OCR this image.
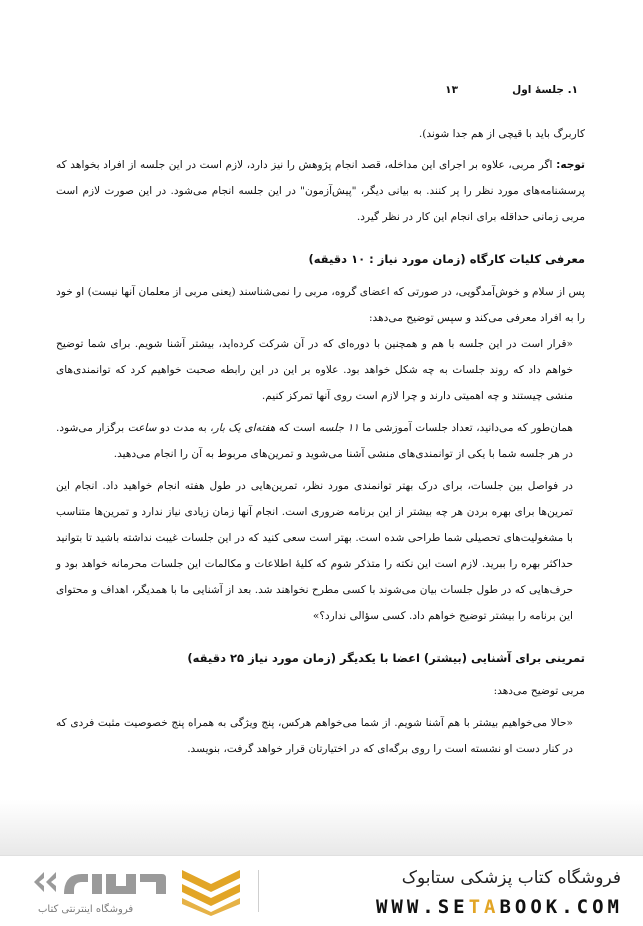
۱. جلسهٔ اول
۱۳

کاربرگ باید با قیچی از هم جدا شوند).

توجه: اگر مربی، علاوه بر اجرای این مداخله، قصد انجام پژوهش را نیز دارد، لازم است در این جلسه از افراد بخواهد که پرسشنامه‌های مورد نظر را پر کنند. به بیانی دیگر، "پیش‌آزمون" در این جلسه انجام می‌شود. در این صورت لازم است مربی زمانی حداقله برای انجام این کار در نظر گیرد.

معرفی کلیات کارگاه (زمان مورد نیاز : ۱۰ دقیقه)

پس از سلام و خوش‌آمدگویی، در صورتی که اعضای گروه، مربی را نمی‌شناسند (یعنی مربی از معلمان آنها نیست) او خود را به افراد معرفی می‌کند و سپس توضیح می‌دهد:

«قرار است در این جلسه با هم و همچنین با دوره‌ای که در آن شرکت کرده‌اید، بیشتر آشنا شویم. برای شما توضیح خواهم داد که روند جلسات به چه شکل خواهد بود. علاوه بر این در این رابطه صحبت خواهیم کرد که توانمندی‌های منشی چیستند و چه اهمیتی دارند و چرا لازم است روی آنها تمرکز کنیم.

همان‌طور که می‌دانید، تعداد جلسات آموزشی ما ۱۱ جلسه است که هفته‌ای یک بار، به مدت دو ساعت برگزار می‌شود. در هر جلسه شما با یکی از توانمندی‌های منشی آشنا می‌شوید و تمرین‌های مربوط به آن را انجام می‌دهید.

در فواصل بین جلسات، برای درک بهتر توانمندی مورد نظر، تمرین‌هایی در طول هفته انجام خواهید داد. انجام این تمرین‌ها برای بهره بردن هر چه بیشتر از این برنامه ضروری است. انجام آنها زمان زیادی نیاز ندارد و تمرین‌ها متناسب با مشغولیت‌های تحصیلی شما طراحی شده است. بهتر است سعی کنید که در این جلسات غیبت نداشته باشید تا بتوانید حداکثر بهره را ببرید. لازم است این نکته را متذکر شوم که کلیهٔ اطلاعات و مکالمات این جلسات محرمانه خواهد بود و حرف‌هایی که در طول جلسات بیان می‌شوند با کسی مطرح نخواهند شد. بعد از آشنایی ما با همدیگر، اهداف و محتوای این برنامه را بیشتر توضیح خواهم داد. کسی سؤالی ندارد؟»

تمرینی برای آشنایی (بیشتر) اعضا با یکدیگر (زمان مورد نیاز ۲۵ دقیقه)

مربی توضیح می‌دهد:

«حالا می‌خواهیم بیشتر با هم آشنا شویم. از شما می‌خواهم هرکس، پنج ویژگی به همراه پنج خصوصیت مثبت فردی که در کنار دست او نشسته است را روی برگه‌ای که در اختیارتان قرار خواهد گرفت، بنویسد.

فروشگاه اینترنتی کتاب
فروشگاه کتاب پزشکی ستابوک
WWW.SETABOOK.COM
